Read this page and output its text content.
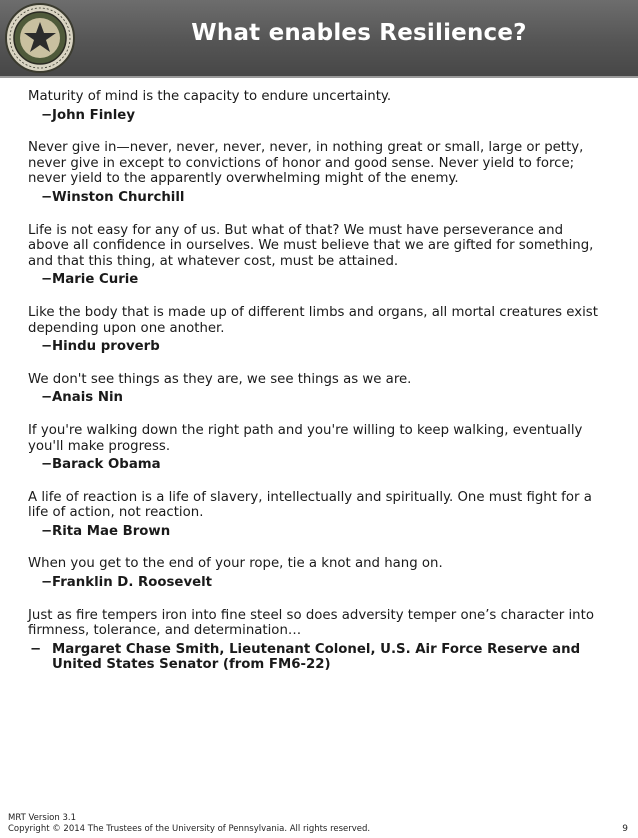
What enables Resilience?

Maturity of mind is the capacity to endure uncertainty.

−John Finley

Never give in—never, never, never, never, in nothing great or small, large or petty, never give in except to convictions of honor and good sense. Never yield to force; never yield to the apparently overwhelming might of the enemy.

−Winston Churchill

Life is not easy for any of us. But what of that? We must have perseverance and above all confidence in ourselves. We must believe that we are gifted for something, and that this thing, at whatever cost, must be attained.

−Marie Curie

Like the body that is made up of different limbs and organs, all mortal creatures exist depending upon one another.

−Hindu proverb

We don't see things as they are, we see things as we are.

−Anais Nin

If you're walking down the right path and you're willing to keep walking, eventually you'll make progress.

−Barack Obama

A life of reaction is a life of slavery, intellectually and spiritually. One must fight for a life of action, not reaction.

−Rita Mae Brown

When you get to the end of your rope, tie a knot and hang on.

−Franklin D. Roosevelt

Just as fire tempers iron into fine steel so does adversity temper one’s character into firmness, tolerance, and determination…

− Margaret Chase Smith, Lieutenant Colonel, U.S. Air Force Reserve and United States Senator (from FM6-22)
MRT Version 3.1
Copyright © 2014 The Trustees of the University of Pennsylvania. All rights reserved.	9
